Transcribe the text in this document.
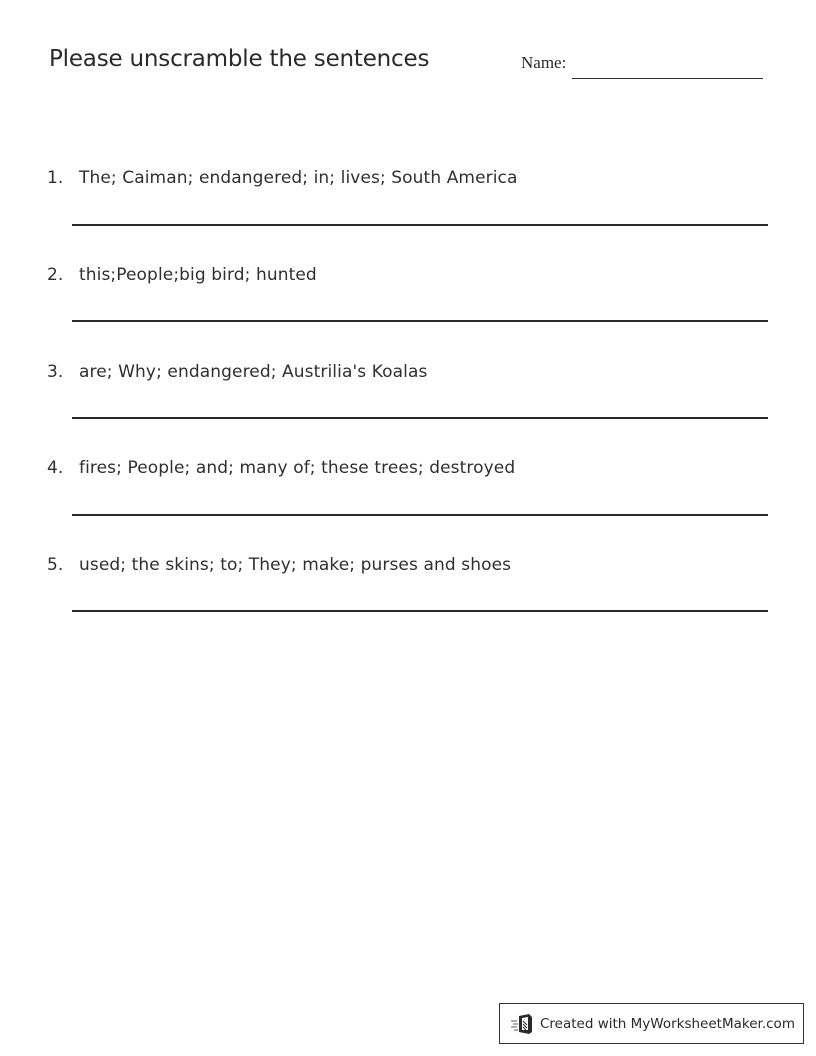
Please unscramble the sentences	Name:
1. The; Caiman; endangered; in; lives; South America
2. this;People;big bird; hunted
3. are; Why; endangered; Austrilia's Koalas
4. fires; People; and; many of; these trees; destroyed
5. used; the skins; to; They; make; purses and shoes
Created with MyWorksheetMaker.com
